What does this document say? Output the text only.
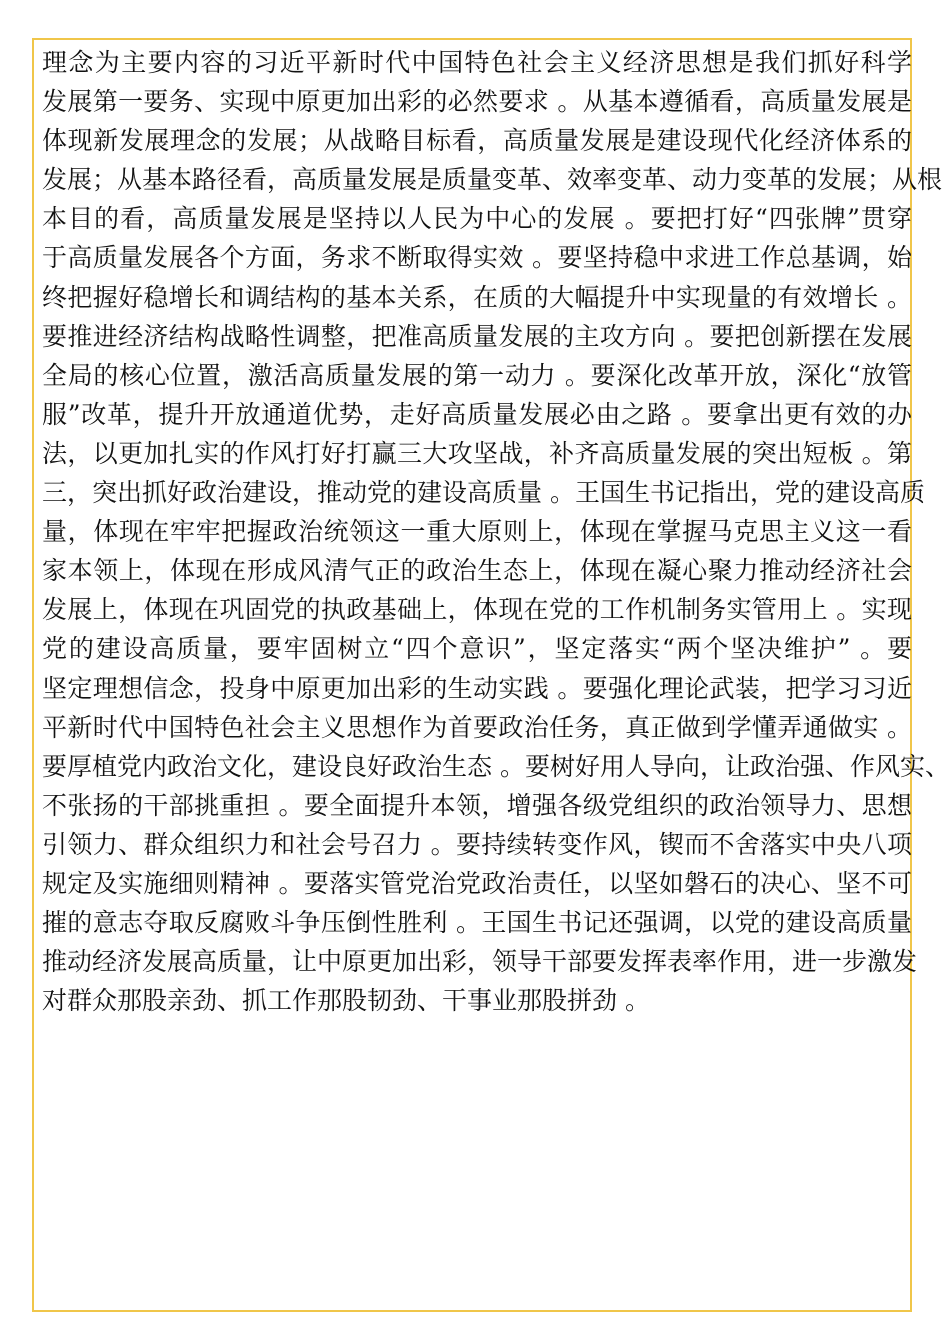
理念为主要内容的习近平新时代中国特色社会主义经济思想是我们抓好科学
发展第一要务、实现中原更加出彩的必然要求 。从基本遵循看，高质量发展是
体现新发展理念的发展；从战略目标看，高质量发展是建设现代化经济体系的
发展；从基本路径看，高质量发展是质量变革、效率变革、动力变革的发展；从根
本目的看，高质量发展是坚持以人民为中心的发展 。要把打好“四张牌”贯穿
于高质量发展各个方面，务求不断取得实效 。要坚持稳中求进工作总基调，始
终把握好稳增长和调结构的基本关系，在质的大幅提升中实现量的有效增长 。
要推进经济结构战略性调整，把准高质量发展的主攻方向 。要把创新摆在发展
全局的核心位置，激活高质量发展的第一动力 。要深化改革开放，深化“放管
服”改革，提升开放通道优势，走好高质量发展必由之路 。要拿出更有效的办
法，以更加扎实的作风打好打赢三大攻坚战，补齐高质量发展的突出短板 。第
三，突出抓好政治建设，推动党的建设高质量 。王国生书记指出，党的建设高质
量，体现在牢牢把握政治统领这一重大原则上，体现在掌握马克思主义这一看
家本领上，体现在形成风清气正的政治生态上，体现在凝心聚力推动经济社会
发展上，体现在巩固党的执政基础上，体现在党的工作机制务实管用上 。实现
党的建设高质量，要牢固树立“四个意识”，坚定落实“两个坚决维护” 。要
坚定理想信念，投身中原更加出彩的生动实践 。要强化理论武装，把学习习近
平新时代中国特色社会主义思想作为首要政治任务，真正做到学懂弄通做实 。
要厚植党内政治文化，建设良好政治生态 。要树好用人导向，让政治强、作风实、
不张扬的干部挑重担 。要全面提升本领，增强各级党组织的政治领导力、思想
引领力、群众组织力和社会号召力 。要持续转变作风，锲而不舍落实中央八项
规定及实施细则精神 。要落实管党治党政治责任，以坚如磐石的决心、坚不可
摧的意志夺取反腐败斗争压倒性胜利 。王国生书记还强调，以党的建设高质量
推动经济发展高质量，让中原更加出彩，领导干部要发挥表率作用，进一步激发
对群众那股亲劲、抓工作那股韧劲、干事业那股拼劲 。
